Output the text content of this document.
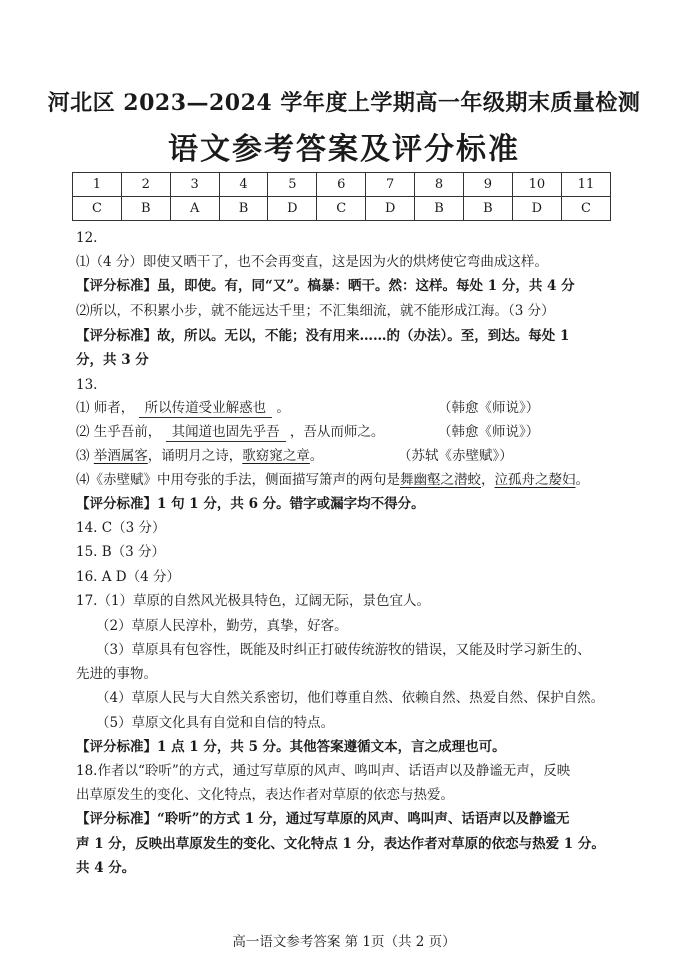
河北区 2023—2024 学年度上学期高一年级期末质量检测
语文参考答案及评分标准
1	2	3	4	5	6	7	8	9	10	11
C	B	A	B	D	C	D	B	B	D	C
12.
⑴（4 分）即使又晒干了，也不会再变直，这是因为火的烘烤使它弯曲成这样。
【评分标准】虽，即使。有，同“又”。槁暴：晒干。然：这样。每处 1 分，共 4 分
⑵所以，不积累小步，就不能远达千里；不汇集细流，就不能形成江海。（3 分）
【评分标准】故，所以。无以，不能；没有用来……的（办法）。至，到达。每处 1
分，共 3 分
13.
⑴ 师者， 所以传道受业解惑也 。	（韩愈《师说》）
⑵ 生乎吾前， 其闻道也固先乎吾 ，吾从而师之。	（韩愈《师说》）
⑶ 举酒属客，诵明月之诗，歌窈窕之章。	（苏轼《赤壁赋》）
⑷《赤壁赋》中用夸张的手法，侧面描写箫声的两句是舞幽壑之潜蛟，泣孤舟之嫠妇。
【评分标准】1 句 1 分，共 6 分。错字或漏字均不得分。
14. C（3 分）
15. B（3 分）
16. A D（4 分）
17.（1）草原的自然风光极具特色，辽阔无际，景色宜人。
（2）草原人民淳朴，勤劳，真挚，好客。
（3）草原具有包容性，既能及时纠正打破传统游牧的错误，又能及时学习新生的、
先进的事物。
（4）草原人民与大自然关系密切，他们尊重自然、依赖自然、热爱自然、保护自然。
（5）草原文化具有自觉和自信的特点。
【评分标准】1 点 1 分，共 5 分。其他答案遵循文本，言之成理也可。
18.作者以“聆听”的方式，通过写草原的风声、鸣叫声、话语声以及静谧无声，反映
出草原发生的变化、文化特点，表达作者对草原的依恋与热爱。
【评分标准】“聆听”的方式 1 分，通过写草原的风声、鸣叫声、话语声以及静谧无
声 1 分，反映出草原发生的变化、文化特点 1 分，表达作者对草原的依恋与热爱 1 分。
共 4 分。
高一语文参考答案 第 1页（共 2 页）
